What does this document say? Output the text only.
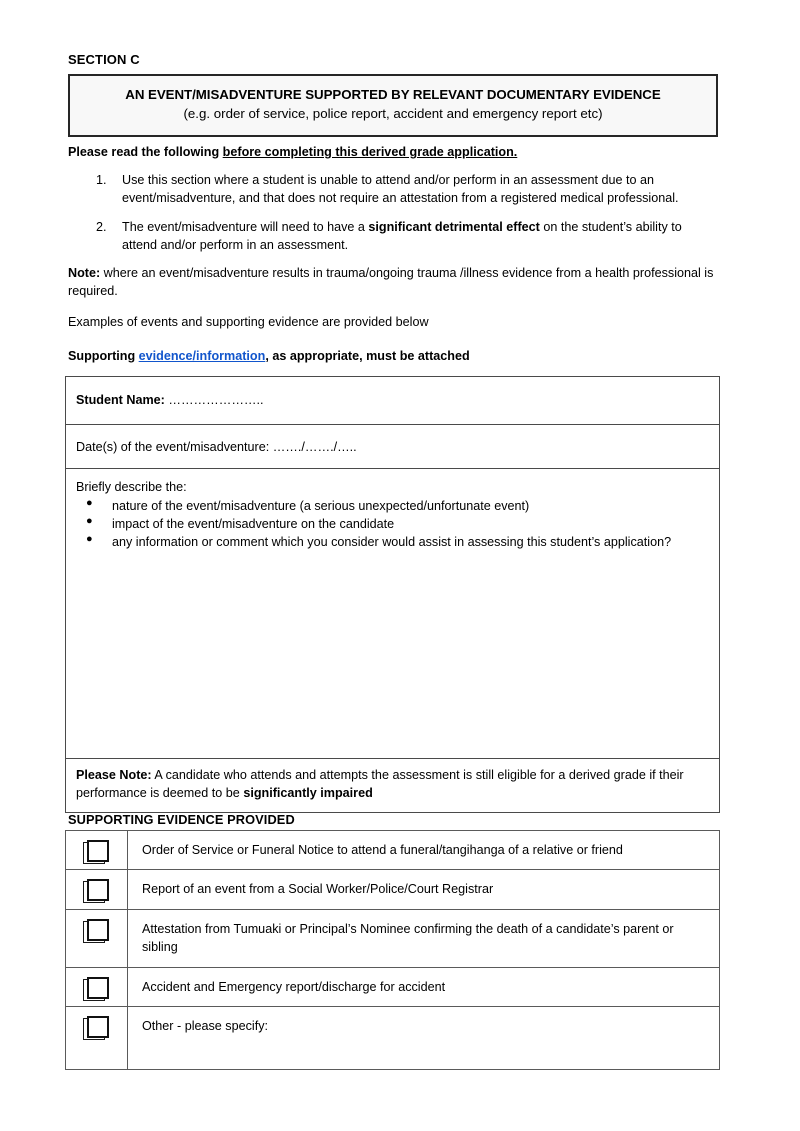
SECTION C
AN EVENT/MISADVENTURE SUPPORTED BY RELEVANT DOCUMENTARY EVIDENCE
(e.g. order of service, police report, accident and emergency report etc)

Please read the following before completing this derived grade application.

1. Use this section where a student is unable to attend and/or perform in an assessment due to an event/misadventure, and that does not require an attestation from a registered medical professional.
2. The event/misadventure will need to have a significant detrimental effect on the student’s ability to attend and/or perform in an assessment.

Note: where an event/misadventure results in trauma/ongoing trauma /illness evidence from a health professional is required.

Examples of events and supporting evidence are provided below

Supporting evidence/information, as appropriate, must be attached

Student Name: …………………..
Date(s) of the event/misadventure: ……./……./…..
Briefly describe the:
● nature of the event/misadventure (a serious unexpected/unfortunate event)
● impact of the event/misadventure on the candidate
● any information or comment which you consider would assist in assessing this student’s application?
Please Note: A candidate who attends and attempts the assessment is still eligible for a derived grade if their performance is deemed to be significantly impaired
SUPPORTING EVIDENCE PROVIDED
Order of Service or Funeral Notice to attend a funeral/tangihanga of a relative or friend
Report of an event from a Social Worker/Police/Court Registrar
Attestation from Tumuaki or Principal’s Nominee confirming the death of a candidate’s parent or sibling
Accident and Emergency report/discharge for accident
Other - please specify:
